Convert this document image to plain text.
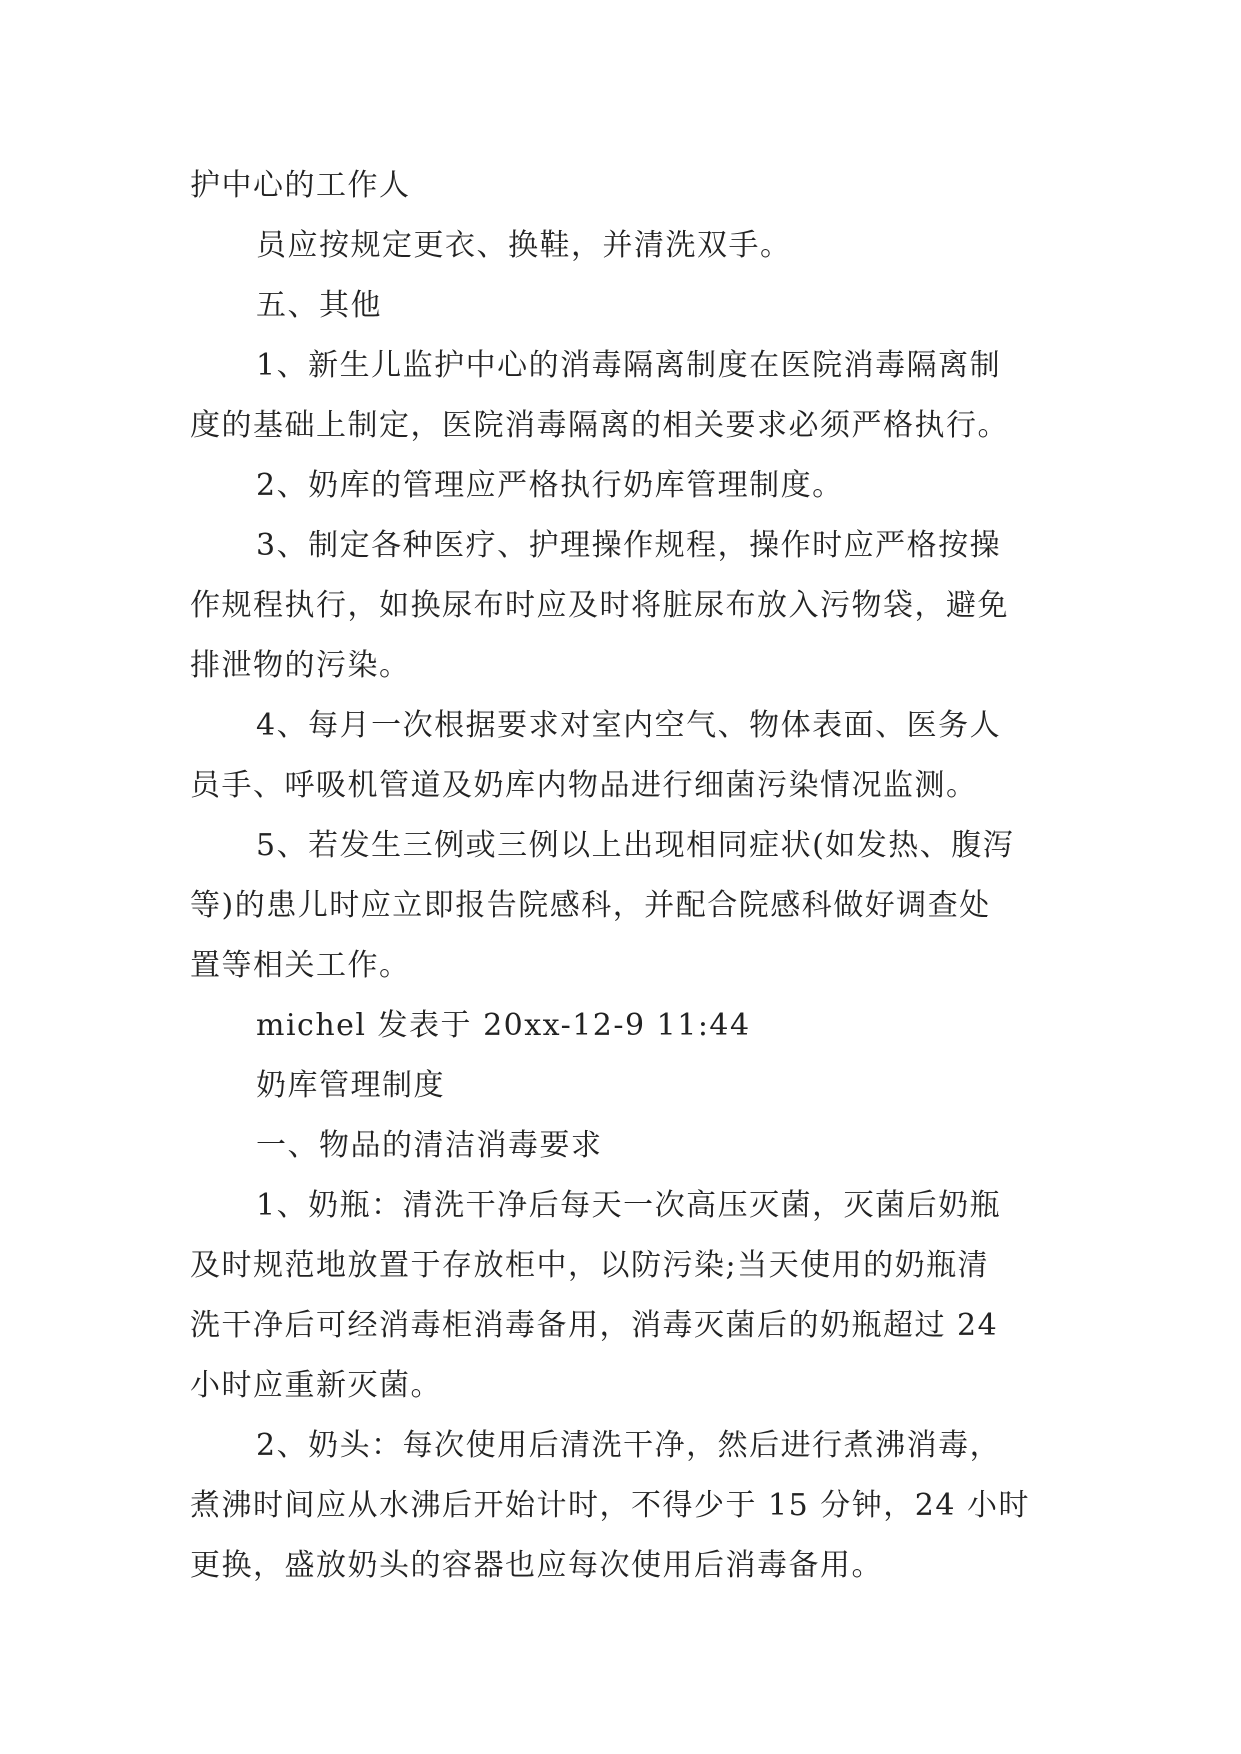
护中心的工作人
员应按规定更衣、换鞋，并清洗双手。
五、其他
1、新生儿监护中心的消毒隔离制度在医院消毒隔离制
度的基础上制定，医院消毒隔离的相关要求必须严格执行。
2、奶库的管理应严格执行奶库管理制度。
3、制定各种医疗、护理操作规程，操作时应严格按操
作规程执行，如换尿布时应及时将脏尿布放入污物袋，避免
排泄物的污染。
4、每月一次根据要求对室内空气、物体表面、医务人
员手、呼吸机管道及奶库内物品进行细菌污染情况监测。
5、若发生三例或三例以上出现相同症状(如发热、腹泻
等)的患儿时应立即报告院感科，并配合院感科做好调查处
置等相关工作。
michel 发表于 20xx-12-9 11:44
奶库管理制度
一、物品的清洁消毒要求
1、奶瓶：清洗干净后每天一次高压灭菌，灭菌后奶瓶
及时规范地放置于存放柜中，以防污染;当天使用的奶瓶清
洗干净后可经消毒柜消毒备用，消毒灭菌后的奶瓶超过 24
小时应重新灭菌。
2、奶头：每次使用后清洗干净，然后进行煮沸消毒，
煮沸时间应从水沸后开始计时，不得少于 15 分钟，24 小时
更换，盛放奶头的容器也应每次使用后消毒备用。
